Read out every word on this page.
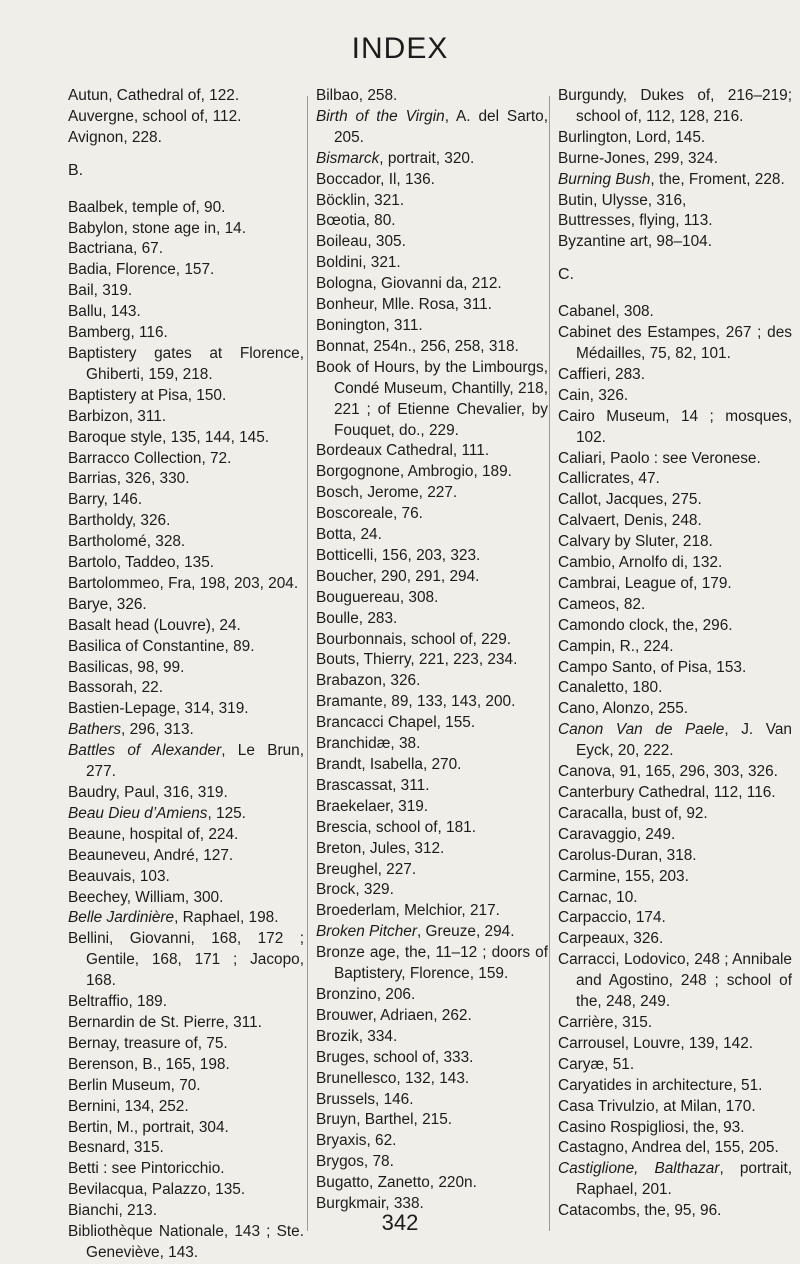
INDEX
Autun, Cathedral of, 122.
Auvergne, school of, 112.
Avignon, 228.
B.
Baalbek, temple of, 90.
Babylon, stone age in, 14.
Bactriana, 67.
Badia, Florence, 157.
Bail, 319.
Ballu, 143.
Bamberg, 116.
Baptistery gates at Florence, Ghiberti, 159, 218.
Baptistery at Pisa, 150.
Barbizon, 311.
Baroque style, 135, 144, 145.
Barracco Collection, 72.
Barrias, 326, 330.
Barry, 146.
Bartholdy, 326.
Bartholomé, 328.
Bartolo, Taddeo, 135.
Bartolommeo, Fra, 198, 203, 204.
Barye, 326.
Basalt head (Louvre), 24.
Basilica of Constantine, 89.
Basilicas, 98, 99.
Bassorah, 22.
Bastien-Lepage, 314, 319.
Bathers, 296, 313.
Battles of Alexander, Le Brun, 277.
Baudry, Paul, 316, 319.
Beau Dieu d’Amiens, 125.
Beaune, hospital of, 224.
Beauneveu, André, 127.
Beauvais, 103.
Beechey, William, 300.
Belle Jardinière, Raphael, 198.
Bellini, Giovanni, 168, 172 ; Gentile, 168, 171 ; Jacopo, 168.
Beltraffio, 189.
Bernardin de St. Pierre, 311.
Bernay, treasure of, 75.
Berenson, B., 165, 198.
Berlin Museum, 70.
Bernini, 134, 252.
Bertin, M., portrait, 304.
Besnard, 315.
Betti : see Pintoricchio.
Bevilacqua, Palazzo, 135.
Bianchi, 213.
Bibliothèque Nationale, 143 ; Ste. Geneviève, 143.
Bilbao, 258.
Birth of the Virgin, A. del Sarto, 205.
Bismarck, portrait, 320.
Boccador, Il, 136.
Böcklin, 321.
Bœotia, 80.
Boileau, 305.
Boldini, 321.
Bologna, Giovanni da, 212.
Bonheur, Mlle. Rosa, 311.
Bonington, 311.
Bonnat, 254n., 256, 258, 318.
Book of Hours, by the Limbourgs, Condé Museum, Chantilly, 218, 221 ; of Etienne Chevalier, by Fouquet, do., 229.
Bordeaux Cathedral, 111.
Borgognone, Ambrogio, 189.
Bosch, Jerome, 227.
Boscoreale, 76.
Botta, 24.
Botticelli, 156, 203, 323.
Boucher, 290, 291, 294.
Bouguereau, 308.
Boulle, 283.
Bourbonnais, school of, 229.
Bouts, Thierry, 221, 223, 234.
Brabazon, 326.
Bramante, 89, 133, 143, 200.
Brancacci Chapel, 155.
Branchidæ, 38.
Brandt, Isabella, 270.
Brascassat, 311.
Braekelaer, 319.
Brescia, school of, 181.
Breton, Jules, 312.
Breughel, 227.
Brock, 329.
Broederlam, Melchior, 217.
Broken Pitcher, Greuze, 294.
Bronze age, the, 11–12 ; doors of Baptistery, Florence, 159.
Bronzino, 206.
Brouwer, Adriaen, 262.
Brozik, 334.
Bruges, school of, 333.
Brunellesco, 132, 143.
Brussels, 146.
Bruyn, Barthel, 215.
Bryaxis, 62.
Brygos, 78.
Bugatto, Zanetto, 220n.
Burgkmair, 338.
Burgundy, Dukes of, 216–219; school of, 112, 128, 216.
Burlington, Lord, 145.
Burne-Jones, 299, 324.
Burning Bush, the, Froment, 228.
Butin, Ulysse, 316,
Buttresses, flying, 113.
Byzantine art, 98–104.
C.
Cabanel, 308.
Cabinet des Estampes, 267 ; des Médailles, 75, 82, 101.
Caffieri, 283.
Cain, 326.
Cairo Museum, 14 ; mosques, 102.
Caliari, Paolo : see Veronese.
Callicrates, 47.
Callot, Jacques, 275.
Calvaert, Denis, 248.
Calvary by Sluter, 218.
Cambio, Arnolfo di, 132.
Cambrai, League of, 179.
Cameos, 82.
Camondo clock, the, 296.
Campin, R., 224.
Campo Santo, of Pisa, 153.
Canaletto, 180.
Cano, Alonzo, 255.
Canon Van de Paele, J. Van Eyck, 20, 222.
Canova, 91, 165, 296, 303, 326.
Canterbury Cathedral, 112, 116.
Caracalla, bust of, 92.
Caravaggio, 249.
Carolus-Duran, 318.
Carmine, 155, 203.
Carnac, 10.
Carpaccio, 174.
Carpeaux, 326.
Carracci, Lodovico, 248 ; Annibale and Agostino, 248 ; school of the, 248, 249.
Carrière, 315.
Carrousel, Louvre, 139, 142.
Caryæ, 51.
Caryatides in architecture, 51.
Casa Trivulzio, at Milan, 170.
Casino Rospigliosi, the, 93.
Castagno, Andrea del, 155, 205.
Castiglione, Balthazar, portrait, Raphael, 201.
Catacombs, the, 95, 96.
342
